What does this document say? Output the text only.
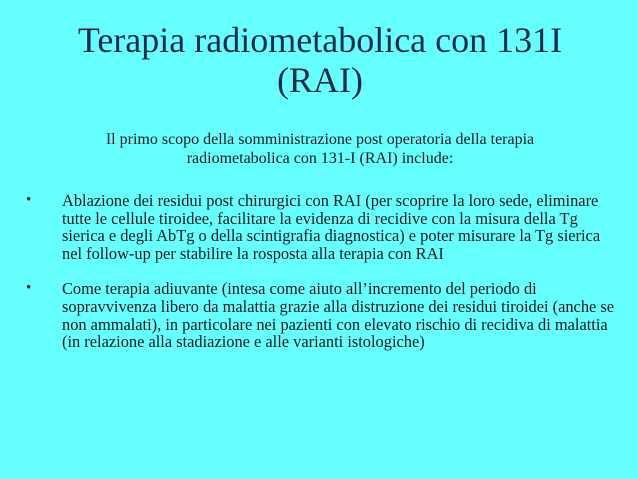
Terapia radiometabolica con 131I (RAI)
Il primo scopo della somministrazione post operatoria della terapia radiometabolica con 131-I (RAI) include:
• Ablazione dei residui post chirurgici con RAI (per scoprire la loro sede, eliminare tutte le cellule tiroidee, facilitare la evidenza di recidive con la misura della Tg sierica e degli AbTg o della scintigrafia diagnostica) e poter misurare la Tg sierica nel follow-up per stabilire la rosposta alla terapia con RAI
• Come terapia adiuvante (intesa come aiuto all’incremento del periodo di sopravvivenza libero da malattia grazie alla distruzione dei residui tiroidei (anche se non ammalati), in particolare nei pazienti con elevato rischio di recidiva di malattia (in relazione alla stadiazione e alle varianti istologiche)
